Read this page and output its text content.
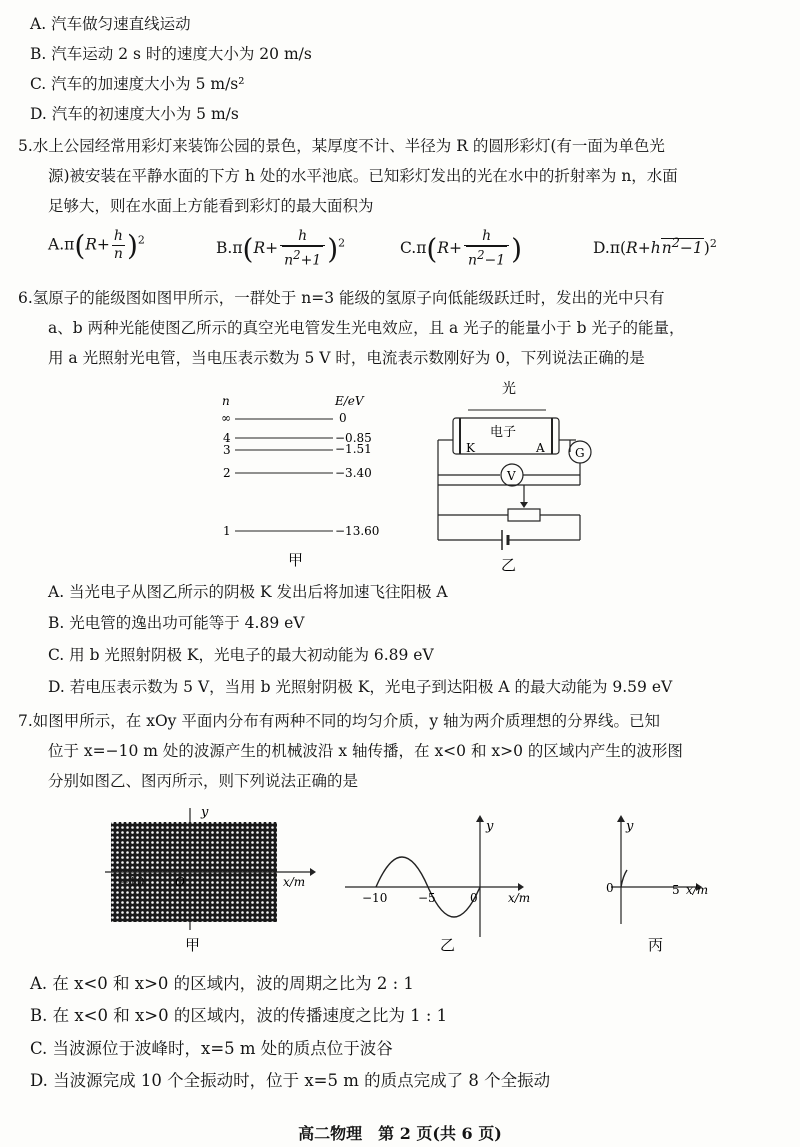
A. 汽车做匀速直线运动
B. 汽车运动 2 s 时的速度大小为 20 m/s
C. 汽车的加速度大小为 5 m/s²
D. 汽车的初速度大小为 5 m/s
5.水上公园经常用彩灯来装饰公园的景色，某厚度不计、半径为 R 的圆形彩灯(有一面为单色光
源)被安装在平静水面的下方 h 处的水平池底。已知彩灯发出的光在水中的折射率为 n，水面
足够大，则在水面上方能看到彩灯的最大面积为
$A.\pi(R+ \frac{h}{n} )^2$	$B.\pi(R+ \frac{h}{n^2+1} )^2$	$C.\pi(R+ \frac{h}{n^2-1}$ )	$D.\pi(R+hn^2-1)^2$
6.氢原子的能级图如图甲所示，一群处于 n=3 能级的氢原子向低能级跃迁时，发出的光中只有
a、b 两种光能使图乙所示的真空光电管发生光电效应，且 a 光子的能量小于 b 光子的能量，
用 a 光照射光电管，当电压表示数为 5 V 时，电流表示数刚好为 0，下列说法正确的是
n	E/eV
∞	0
4	−0.85
3	−1.51
2	−3.40
1	−13.60
甲
光
电子
K	A	G
V
乙
A. 当光电子从图乙所示的阴极 K 发出后将加速飞往阳极 A
B. 光电管的逸出功可能等于 4.89 eV
C. 用 b 光照射阴极 K，光电子的最大初动能为 6.89 eV
D. 若电压表示数为 5 V，当用 b 光照射阴极 K，光电子到达阳极 A 的最大动能为 9.59 eV
7.如图甲所示，在 xOy 平面内分布有两种不同的均匀介质，y 轴为两介质理想的分界线。已知
位于 x=−10 m 处的波源产生的机械波沿 x 轴传播，在 x<0 和 x>0 的区域内产生的波形图
分别如图乙、图丙所示，则下列说法正确的是
y
x/m
−10	O
甲
y
−10	−5	0	x/m
乙
y
0	5 x/m
丙
A. 在 x<0 和 x>0 的区域内，波的周期之比为 2 : 1
B. 在 x<0 和 x>0 的区域内，波的传播速度之比为 1 : 1
C. 当波源位于波峰时，x=5 m 处的质点位于波谷
D. 当波源完成 10 个全振动时，位于 x=5 m 的质点完成了 8 个全振动
高二物理　第 2 页(共 6 页)
